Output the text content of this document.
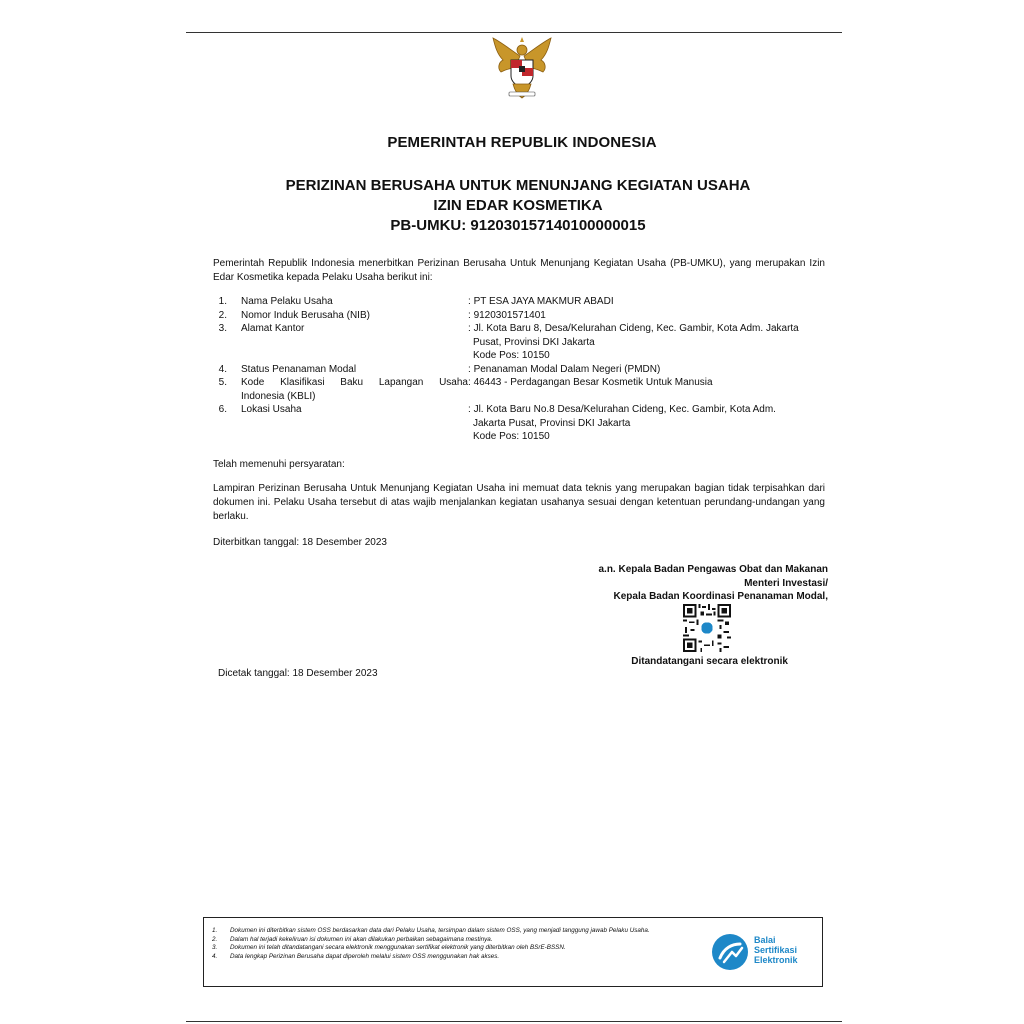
PEMERINTAH REPUBLIK INDONESIA
PERIZINAN BERUSAHA UNTUK MENUNJANG KEGIATAN USAHA
IZIN EDAR KOSMETIKA
PB-UMKU: 912030157140100000015
Pemerintah Republik Indonesia menerbitkan Perizinan Berusaha Untuk Menunjang Kegiatan Usaha (PB-UMKU), yang merupakan Izin Edar Kosmetika kepada Pelaku Usaha berikut ini:
1.	Nama Pelaku Usaha	: PT ESA JAYA MAKMUR ABADI
2.	Nomor Induk Berusaha (NIB)	: 9120301571401
3.	Alamat Kantor	: Jl. Kota Baru 8, Desa/Kelurahan Cideng, Kec. Gambir, Kota Adm. Jakarta
Pusat, Provinsi DKI Jakarta
Kode Pos: 10150
4.	Status Penanaman Modal	: Penanaman Modal Dalam Negeri (PMDN)
5.	Kode Klasifikasi Baku Lapangan Usaha : 46443 - Perdagangan Besar Kosmetik Untuk Manusia
Indonesia (KBLI)
6.	Lokasi Usaha	: Jl. Kota Baru No.8 Desa/Kelurahan Cideng, Kec. Gambir, Kota Adm.
Jakarta Pusat, Provinsi DKI Jakarta
Kode Pos: 10150
Telah memenuhi persyaratan:
Lampiran Perizinan Berusaha Untuk Menunjang Kegiatan Usaha ini memuat data teknis yang merupakan bagian tidak terpisahkan dari dokumen ini. Pelaku Usaha tersebut di atas wajib menjalankan kegiatan usahanya sesuai dengan ketentuan perundang-undangan yang berlaku.
Diterbitkan tanggal: 18 Desember 2023
a.n. Kepala Badan Pengawas Obat dan Makanan
Menteri Investasi/
Kepala Badan Koordinasi Penanaman Modal,
Ditandatangani secara elektronik
Dicetak tanggal: 18 Desember 2023
1.	Dokumen ini diterbitkan sistem OSS berdasarkan data dari Pelaku Usaha, tersimpan dalam sistem OSS, yang menjadi tanggung jawab Pelaku Usaha.
2.	Dalam hal terjadi kekeliruan isi dokumen ini akan dilakukan perbaikan sebagaimana mestinya.
3.	Dokumen ini telah ditandatangani secara elektronik menggunakan sertifikat elektronik yang diterbitkan oleh BSrE-BSSN.
4.	Data lengkap Perizinan Berusaha dapat diperoleh melalui sistem OSS menggunakan hak akses.
Balai
Sertifikasi
Elektronik
